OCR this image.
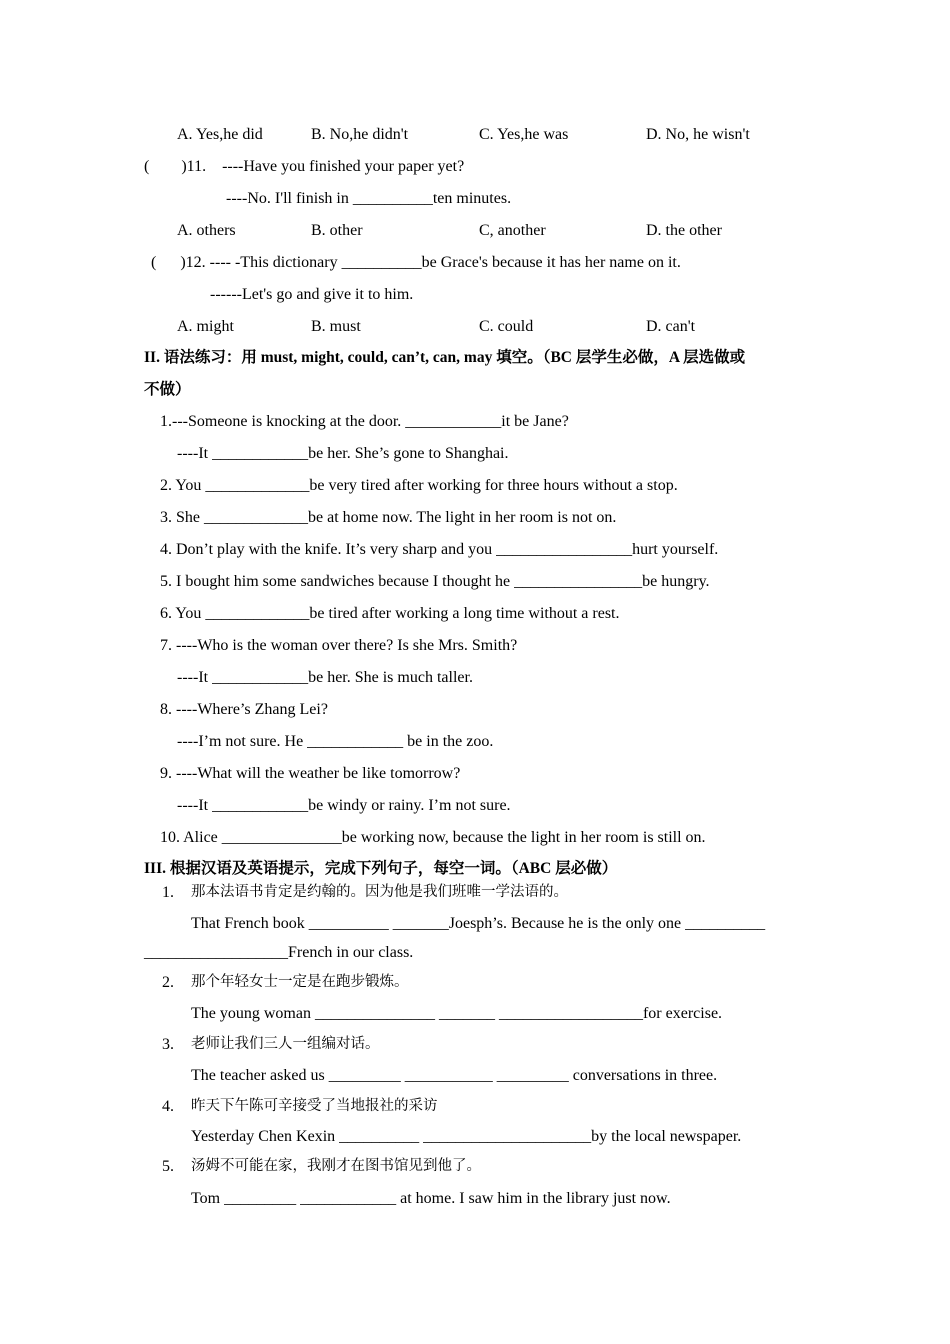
A. Yes,he did	B. No,he didn't	C. Yes,he was	D. No, he wisn't
(        )11.    ----Have you finished your paper yet?
----No. I'll finish in __________ten minutes.
A. others	B. other	C, another	D. the other
(      )12. ---- -This dictionary __________be Grace's because it has her name on it.
------Let's go and give it to him.
A. might	B. must	C. could	D. can't
II. 语法练习：用 must, might, could, can’t, can, may 填空。（BC 层学生必做，A 层选做或
不做）
1.---Someone is knocking at the door. ____________it be Jane?
----It ____________be her. She’s gone to Shanghai.
2. You _____________be very tired after working for three hours without a stop.
3. She _____________be at home now. The light in her room is not on.
4. Don’t play with the knife. It’s very sharp and you _________________hurt yourself.
5. I bought him some sandwiches because I thought he ________________be hungry.
6. You _____________be tired after working a long time without a rest.
7. ----Who is the woman over there? Is she Mrs. Smith?
----It ____________be her. She is much taller.
8. ----Where’s Zhang Lei?
----I’m not sure. He ____________ be in the zoo.
9. ----What will the weather be like tomorrow?
----It ____________be windy or rainy. I’m not sure.
10. Alice _______________be working now, because the light in her room is still on.
III. 根据汉语及英语提示，完成下列句子，每空一词。（ABC 层必做）
1. 那本法语书肯定是约翰的。因为他是我们班唯一学法语的。
That French book __________ _______Joesph’s. Because he is the only one __________
__________________French in our class.
2. 那个年轻女士一定是在跑步锻炼。
The young woman _______________ _______ __________________for exercise.
3. 老师让我们三人一组编对话。
The teacher asked us _________ ___________ _________ conversations in three.
4. 昨天下午陈可辛接受了当地报社的采访
Yesterday Chen Kexin __________ _____________________by the local newspaper.
5. 汤姆不可能在家，我刚才在图书馆见到他了。
Tom _________ ____________ at home. I saw him in the library just now.
